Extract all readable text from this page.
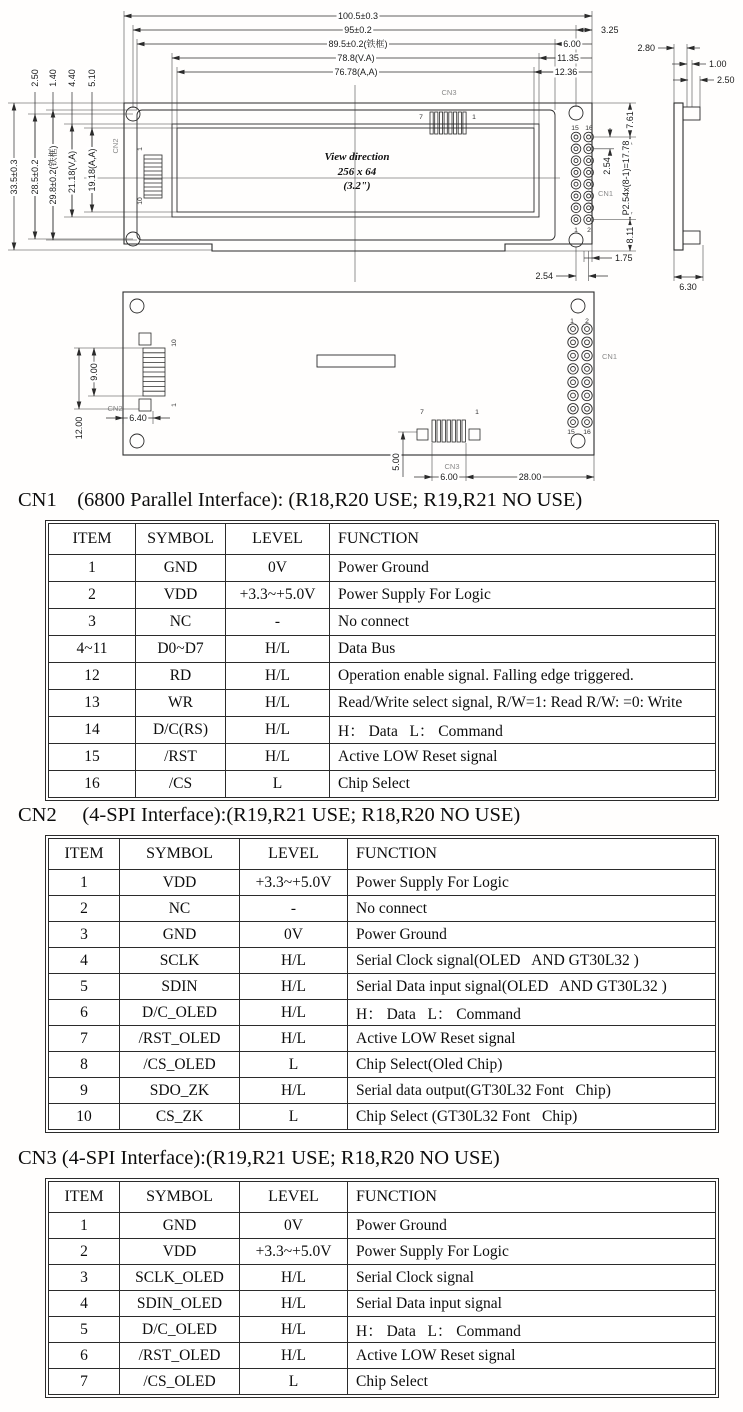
1
10
CN2
7	1
CN3
15 16
1 2
CN1
View direction
256 x 64
(3.2")
100.5±0.3
95±0.2	3.25
89.5±0.2(铁框)	6.00
78.8(V.A)	11.35
76.78(A,A)	12.36
33.5±0.3
2.50
28.5±0.2
1.40
29.8±0.2(铁框)
4.40
21.18(V,A)
5.10
19.18(A,A)
7.61
2.54 P2.54x(8-1)=17.78
8.11
1.75
2.54
2.80
1.00
2.50
6.30
10
1
CN2	7	1
CN3
1 2
15 16
CN1
9.00
12.00	6.40
5.00
6.00	28.00
CN1    (6800 Parallel Interface): (R18,R20 USE; R19,R21 NO USE)
ITEM	SYMBOL	LEVEL	FUNCTION
1	GND	0V	Power Ground
2	VDD	+3.3~+5.0V	Power Supply For Logic
3	NC	-	No connect
4~11	D0~D7	H/L	Data Bus
12	RD	H/L	Operation enable signal. Falling edge triggered.
13	WR	H/L	Read/Write select signal, R/W=1: Read R/W: =0: Write
14	D/C(RS)	H/L	H： Data   L： Command
15	/RST	H/L	Active LOW Reset signal
16	/CS	L	Chip Select
CN2     (4-SPI Interface):(R19,R21 USE; R18,R20 NO USE)
ITEM	SYMBOL	LEVEL	FUNCTION
1	VDD	+3.3~+5.0V	Power Supply For Logic
2	NC	-	No connect
3	GND	0V	Power Ground
4	SCLK	H/L	Serial Clock signal(OLED   AND GT30L32 )
5	SDIN	H/L	Serial Data input signal(OLED   AND GT30L32 )
6	D/C_OLED	H/L	H： Data   L： Command
7	/RST_OLED	H/L	Active LOW Reset signal
8	/CS_OLED	L	Chip Select(Oled Chip)
9	SDO_ZK	H/L	Serial data output(GT30L32 Font   Chip)
10	CS_ZK	L	Chip Select (GT30L32 Font   Chip)
CN3 (4-SPI Interface):(R19,R21 USE; R18,R20 NO USE)
ITEM	SYMBOL	LEVEL	FUNCTION
1	GND	0V	Power Ground
2	VDD	+3.3~+5.0V	Power Supply For Logic
3	SCLK_OLED	H/L	Serial Clock signal
4	SDIN_OLED	H/L	Serial Data input signal
5	D/C_OLED	H/L	H： Data   L： Command
6	/RST_OLED	H/L	Active LOW Reset signal
7	/CS_OLED	L	Chip Select
